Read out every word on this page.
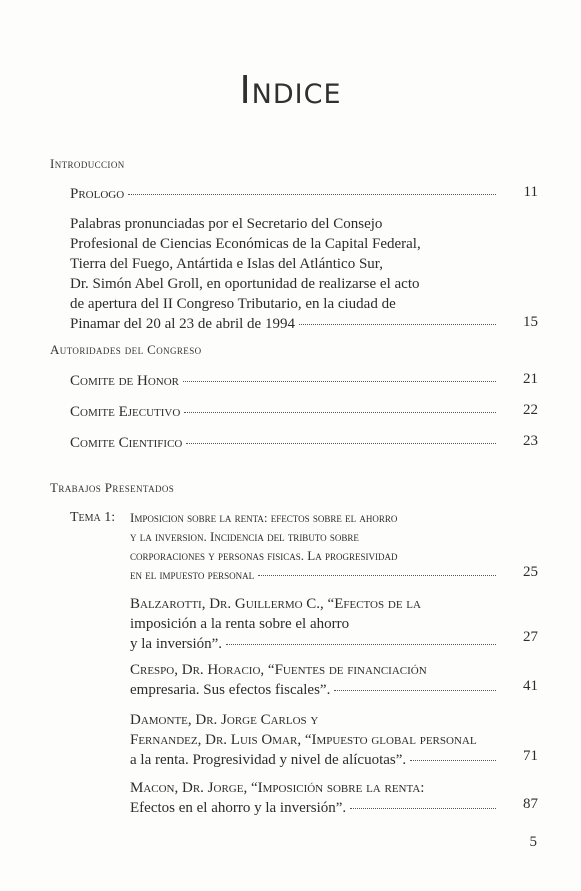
Indice
Introduccion
Prologo	11
Palabras pronunciadas por el Secretario del Consejo
Profesional de Ciencias Económicas de la Capital Federal,
Tierra del Fuego, Antártida e Islas del Atlántico Sur,
Dr. Simón Abel Groll, en oportunidad de realizarse el acto
de apertura del II Congreso Tributario, en la ciudad de
Pinamar del 20 al 23 de abril de 1994	15
Autoridades del Congreso
Comite de Honor	21
Comite Ejecutivo	22
Comite Cientifico	23
Trabajos Presentados
Tema 1: Imposicion sobre la renta: efectos sobre el ahorro
y la inversion. Incidencia del tributo sobre
corporaciones y personas fisicas. La progresividad
en el impuesto personal	25
Balzarotti, Dr. Guillermo C., “Efectos de la
imposición a la renta sobre el ahorro
y la inversión”.	27
Crespo, Dr. Horacio, “Fuentes de financiación
empresaria. Sus efectos fiscales”.	41
Damonte, Dr. Jorge Carlos y
Fernandez, Dr. Luis Omar, “Impuesto global personal
a la renta. Progresividad y nivel de alícuotas”.	71
Macon, Dr. Jorge, “Imposición sobre la renta:
Efectos en el ahorro y la inversión”.	87
5
